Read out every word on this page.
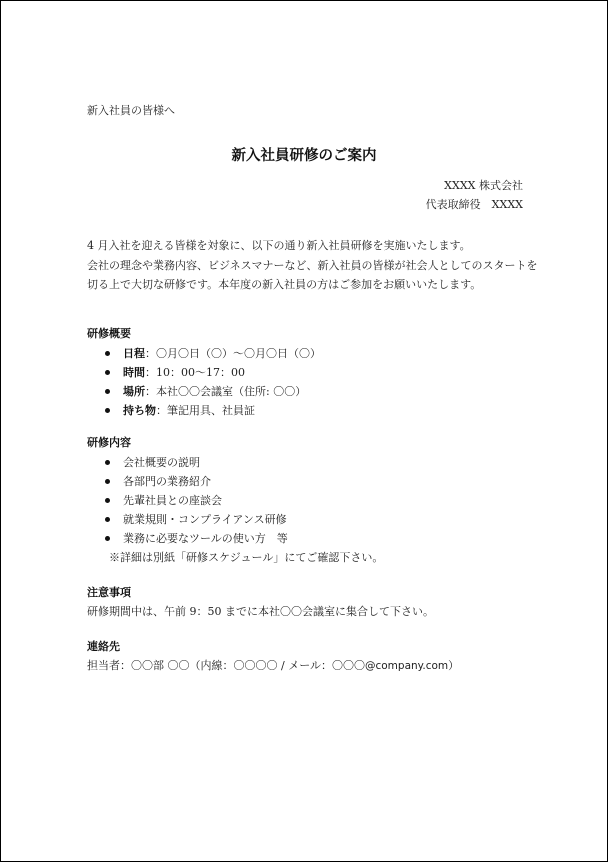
新入社員の皆様へ
新入社員研修のご案内
XXXX 株式会社
代表取締役　XXXX
4 月入社を迎える皆様を対象に、以下の通り新入社員研修を実施いたします。
会社の理念や業務内容、ビジネスマナーなど、新入社員の皆様が社会人としてのスタートを
切る上で大切な研修です。本年度の新入社員の方はご参加をお願いいたします。
研修概要
日程：〇月〇日（〇）～〇月〇日（〇）
時間：10：00～17：00
場所：本社〇〇会議室（住所: 〇〇）
持ち物：筆記用具、社員証
研修内容
会社概要の説明
各部門の業務紹介
先輩社員との座談会
就業規則・コンプライアンス研修
業務に必要なツールの使い方　等
※詳細は別紙「研修スケジュール」にてご確認下さい。
注意事項
研修期間中は、午前 9：50 までに本社〇〇会議室に集合して下さい。
連絡先
担当者：〇〇部 〇〇（内線：〇〇〇〇 / メール：〇〇〇@company.com）
